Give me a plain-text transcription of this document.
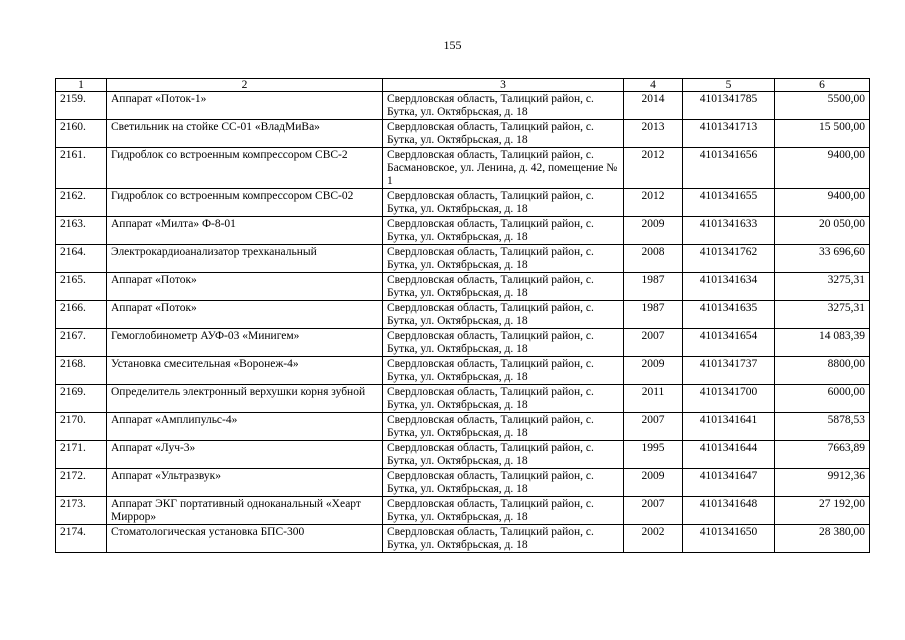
155
1	2	3	4	5	6
2159.	Аппарат «Поток-1»	Свердловская область, Талицкий район, с. Бутка, ул. Октябрьская, д. 18	2014	4101341785	5500,00
2160.	Светильник на стойке СС-01 «ВладМиВа»	Свердловская область, Талицкий район, с. Бутка, ул. Октябрьская, д. 18	2013	4101341713	15 500,00
2161.	Гидроблок со встроенным компрессором СВС-2	Свердловская область, Талицкий район, с. Басмановское, ул. Ленина, д. 42, помещение № 1	2012	4101341656	9400,00
2162.	Гидроблок со встроенным компрессором СВС-02	Свердловская область, Талицкий район, с. Бутка, ул. Октябрьская, д. 18	2012	4101341655	9400,00
2163.	Аппарат «Милта» Ф-8-01	Свердловская область, Талицкий район, с. Бутка, ул. Октябрьская, д. 18	2009	4101341633	20 050,00
2164.	Электрокардиоанализатор трехканальный	Свердловская область, Талицкий район, с. Бутка, ул. Октябрьская, д. 18	2008	4101341762	33 696,60
2165.	Аппарат «Поток»	Свердловская область, Талицкий район, с. Бутка, ул. Октябрьская, д. 18	1987	4101341634	3275,31
2166.	Аппарат «Поток»	Свердловская область, Талицкий район, с. Бутка, ул. Октябрьская, д. 18	1987	4101341635	3275,31
2167.	Гемоглобинометр АУФ-03 «Минигем»	Свердловская область, Талицкий район, с. Бутка, ул. Октябрьская, д. 18	2007	4101341654	14 083,39
2168.	Установка смесительная «Воронеж-4»	Свердловская область, Талицкий район, с. Бутка, ул. Октябрьская, д. 18	2009	4101341737	8800,00
2169.	Определитель электронный верхушки корня зубной	Свердловская область, Талицкий район, с. Бутка, ул. Октябрьская, д. 18	2011	4101341700	6000,00
2170.	Аппарат «Амплипульс-4»	Свердловская область, Талицкий район, с. Бутка, ул. Октябрьская, д. 18	2007	4101341641	5878,53
2171.	Аппарат «Луч-3»	Свердловская область, Талицкий район, с. Бутка, ул. Октябрьская, д. 18	1995	4101341644	7663,89
2172.	Аппарат «Ультразвук»	Свердловская область, Талицкий район, с. Бутка, ул. Октябрьская, д. 18	2009	4101341647	9912,36
2173.	Аппарат ЭКГ портативный одноканальный «Хеарт Миррор»	Свердловская область, Талицкий район, с. Бутка, ул. Октябрьская, д. 18	2007	4101341648	27 192,00
2174.	Стоматологическая установка БПС-300	Свердловская область, Талицкий район, с. Бутка, ул. Октябрьская, д. 18	2002	4101341650	28 380,00
